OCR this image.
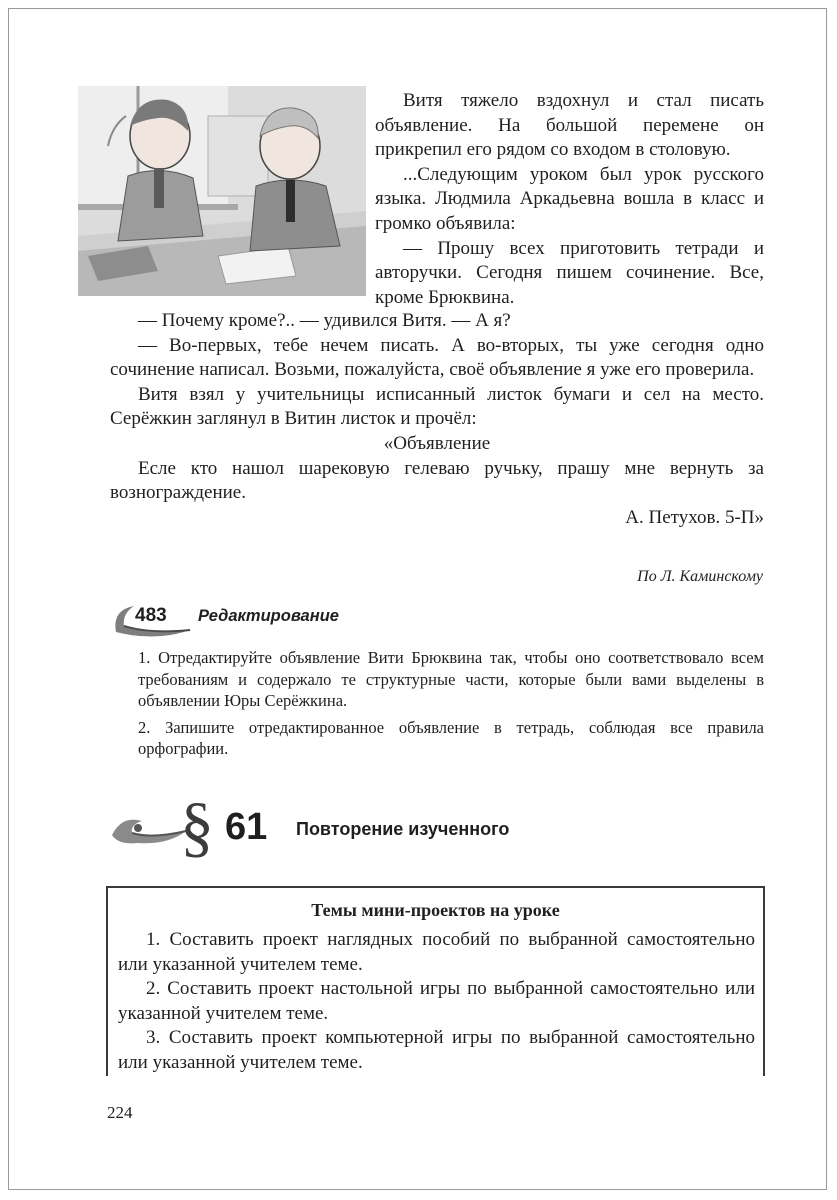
Витя тяжело вздохнул и стал писать объявление. На большой перемене он прикрепил его рядом со входом в столовую.

...Следующим уроком был урок русского языка. Людмила Аркадьевна вошла в класс и громко объявила:

— Прошу всех приготовить тетради и авторучки. Сегодня пишем сочинение. Все, кроме Брюквина.

— Почему кроме?.. — удивился Витя. — А я?

— Во-первых, тебе нечем писать. А во-вторых, ты уже сегодня одно сочинение написал. Возьми, пожалуйста, своё объявление я уже его проверила.

Витя взял у учительницы исписанный листок бумаги и сел на место. Серёжкин заглянул в Витин листок и прочёл:

«Объявление

Есле кто нашол шарековую гелеваю ручьку, прашу мне вернуть за вознограждение.

А. Петухов. 5-П»

По Л. Каминскому
483 Редактирование
1. Отредактируйте объявление Вити Брюквина так, чтобы оно соответствовало всем требованиям и содержало те структурные части, которые были вами выделены в объявлении Юры Серёжкина.
2. Запишите отредактированное объявление в тетрадь, соблюдая все правила орфографии.
§ 61 Повторение изученного
Темы мини-проектов на уроке

1. Составить проект наглядных пособий по выбранной самостоятельно или указанной учителем теме.

2. Составить проект настольной игры по выбранной самостоятельно или указанной учителем теме.

3. Составить проект компьютерной игры по выбранной самостоятельно или указанной учителем теме.

224
